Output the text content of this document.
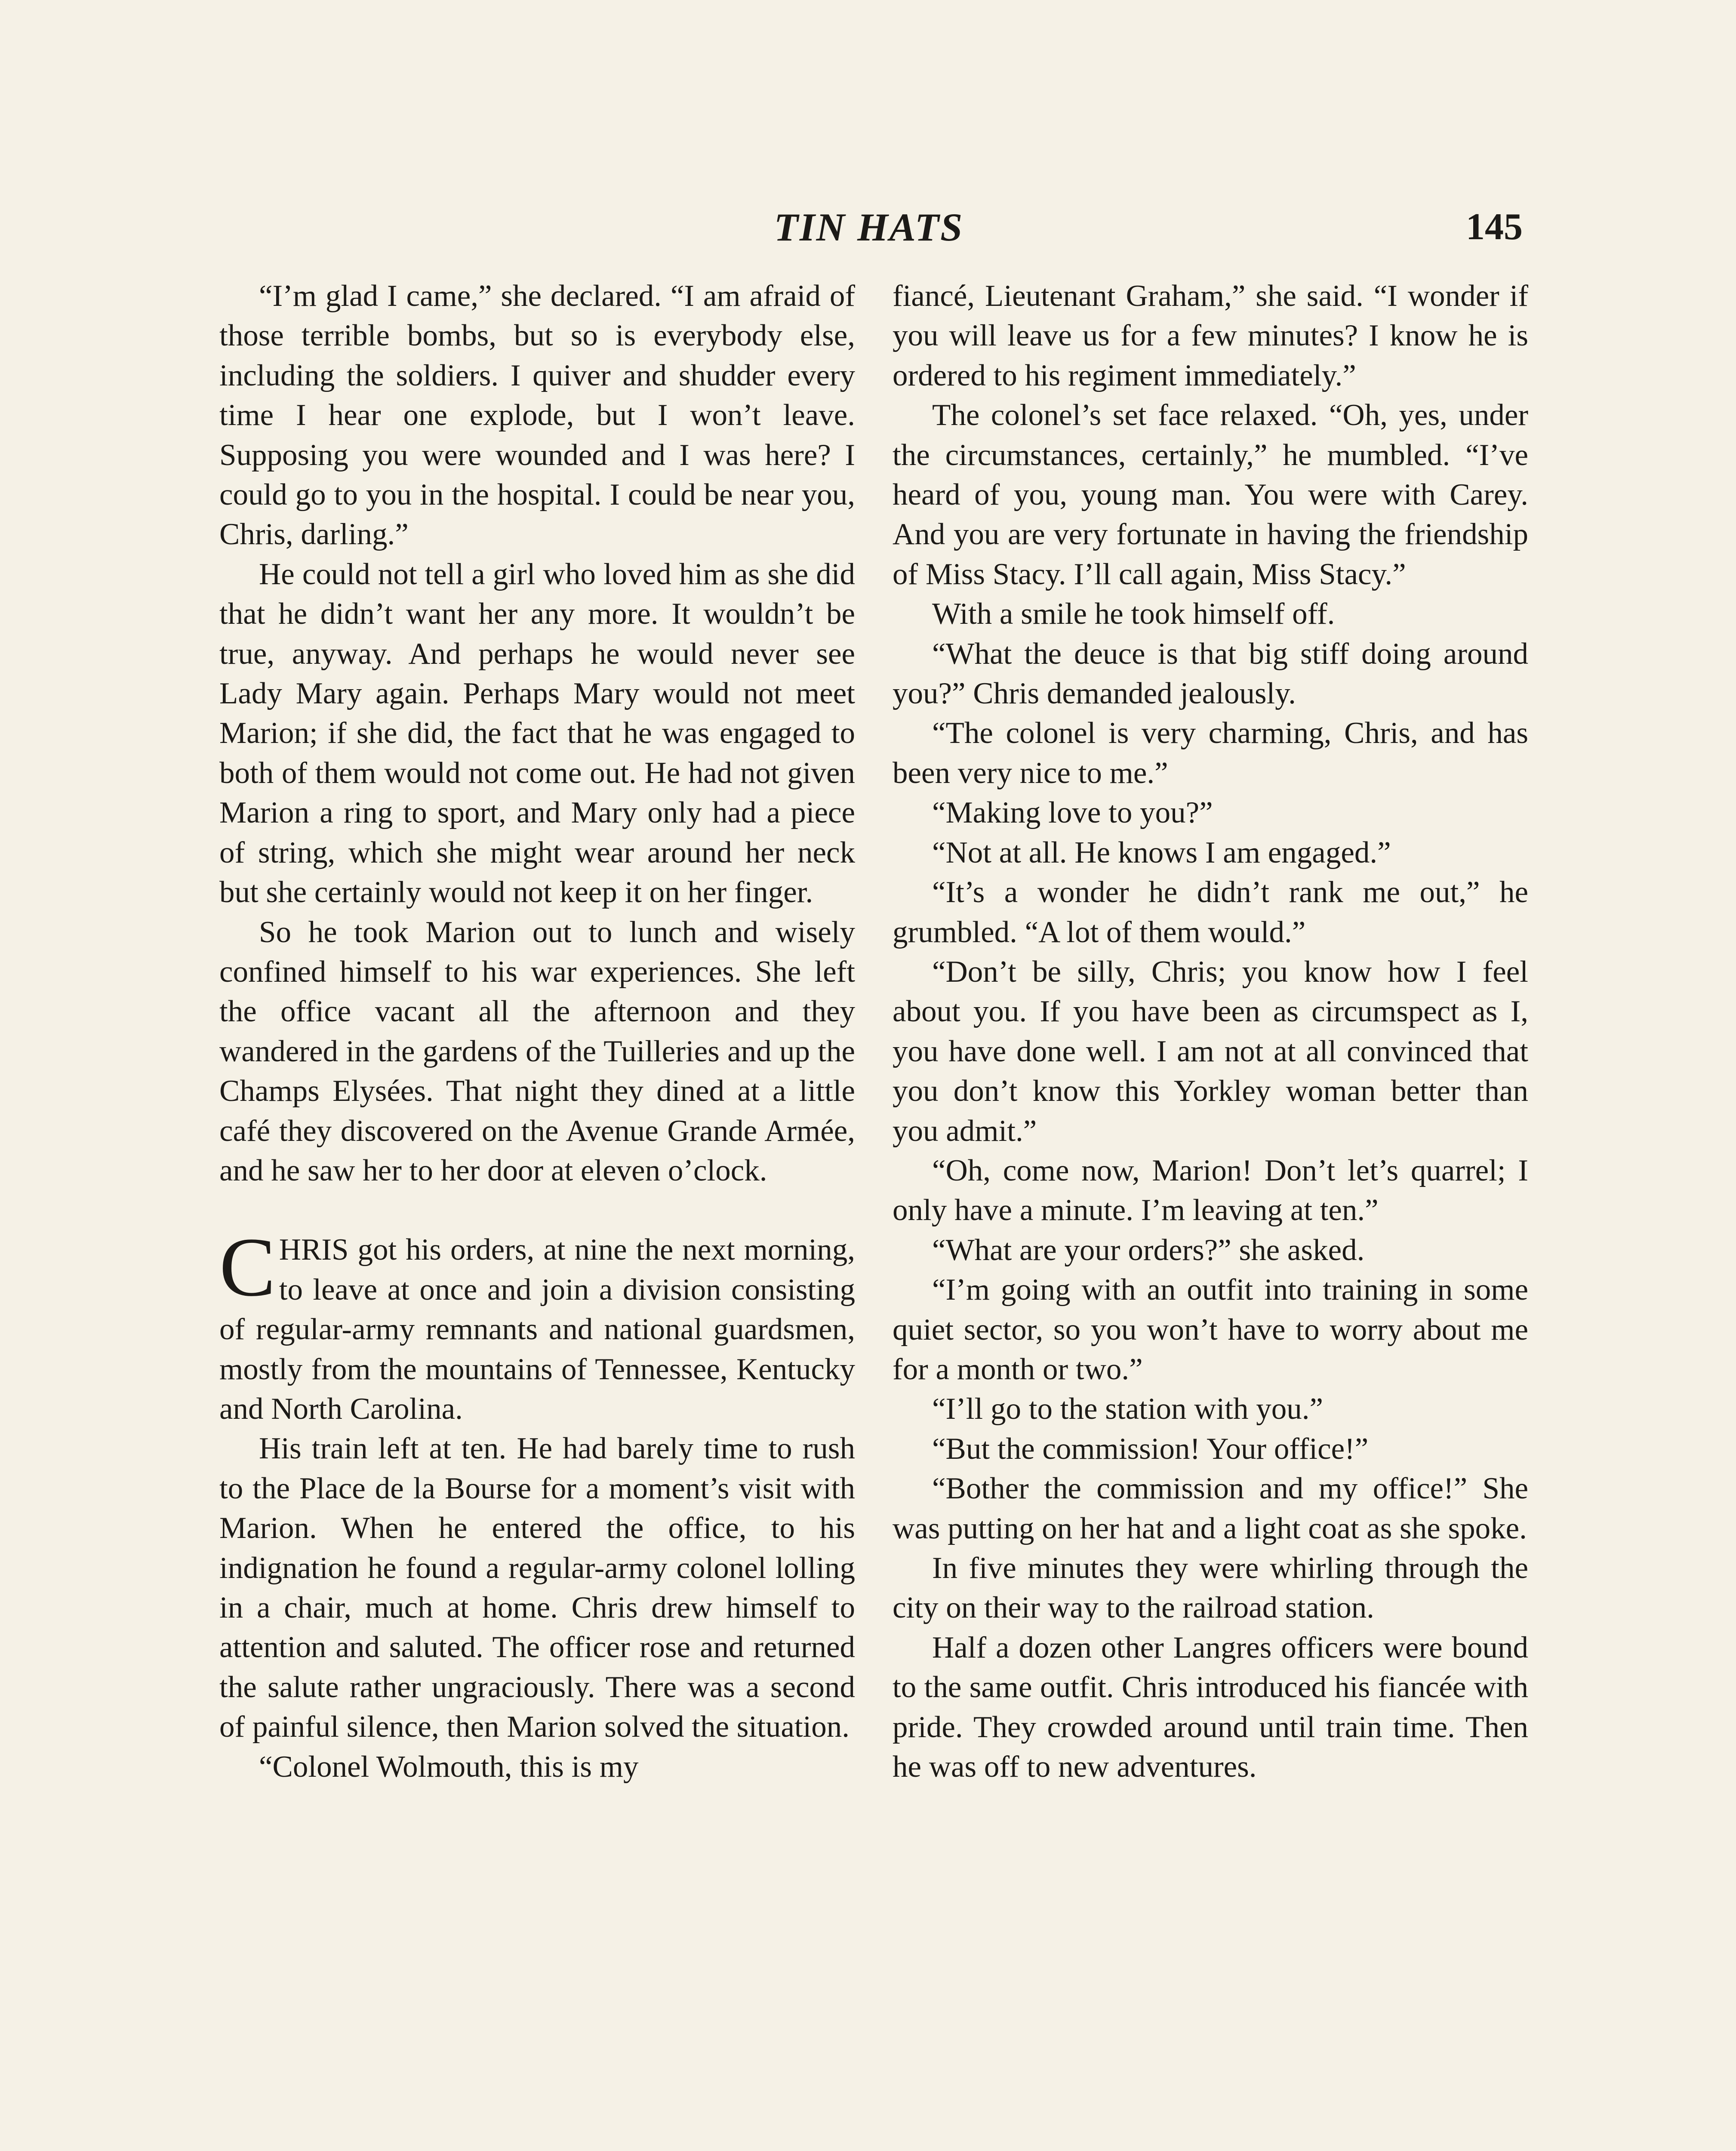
TIN HATS	145

“I’m glad I came,” she declared. “I am afraid of those terrible bombs, but so is everybody else, including the soldiers. I quiver and shudder every time I hear one explode, but I won’t leave. Supposing you were wounded and I was here? I could go to you in the hospital. I could be near you, Chris, darling.”

He could not tell a girl who loved him as she did that he didn’t want her any more. It wouldn’t be true, anyway. And perhaps he would never see Lady Mary again. Perhaps Mary would not meet Marion; if she did, the fact that he was engaged to both of them would not come out. He had not given Marion a ring to sport, and Mary only had a piece of string, which she might wear around her neck but she certainly would not keep it on her finger.

So he took Marion out to lunch and wisely confined himself to his war experiences. She left the office vacant all the afternoon and they wandered in the gardens of the Tuilleries and up the Champs Elysées. That night they dined at a little café they discovered on the Avenue Grande Armée, and he saw her to her door at eleven o’clock.

CHRIS got his orders, at nine the next morning, to leave at once and join a division consisting of regular-army remnants and national guardsmen, mostly from the mountains of Tennessee, Kentucky and North Carolina.

His train left at ten. He had barely time to rush to the Place de la Bourse for a moment’s visit with Marion. When he entered the office, to his indignation he found a regular-army colonel lolling in a chair, much at home. Chris drew himself to attention and saluted. The officer rose and returned the salute rather ungraciously. There was a second of painful silence, then Marion solved the situation.

“Colonel Wolmouth, this is my

fiancé, Lieutenant Graham,” she said. “I wonder if you will leave us for a few minutes? I know he is ordered to his regiment immediately.”

The colonel’s set face relaxed. “Oh, yes, under the circumstances, certainly,” he mumbled. “I’ve heard of you, young man. You were with Carey. And you are very fortunate in having the friendship of Miss Stacy. I’ll call again, Miss Stacy.”

With a smile he took himself off.

“What the deuce is that big stiff doing around you?” Chris demanded jealously.

“The colonel is very charming, Chris, and has been very nice to me.”

“Making love to you?”

“Not at all. He knows I am engaged.”

“It’s a wonder he didn’t rank me out,” he grumbled. “A lot of them would.”

“Don’t be silly, Chris; you know how I feel about you. If you have been as circumspect as I, you have done well. I am not at all convinced that you don’t know this Yorkley woman better than you admit.”

“Oh, come now, Marion! Don’t let’s quarrel; I only have a minute. I’m leaving at ten.”

“What are your orders?” she asked.

“I’m going with an outfit into training in some quiet sector, so you won’t have to worry about me for a month or two.”

“I’ll go to the station with you.”

“But the commission! Your office!”

“Bother the commission and my office!” She was putting on her hat and a light coat as she spoke.

In five minutes they were whirling through the city on their way to the railroad station.

Half a dozen other Langres officers were bound to the same outfit. Chris introduced his fiancée with pride. They crowded around until train time. Then he was off to new adventures.
